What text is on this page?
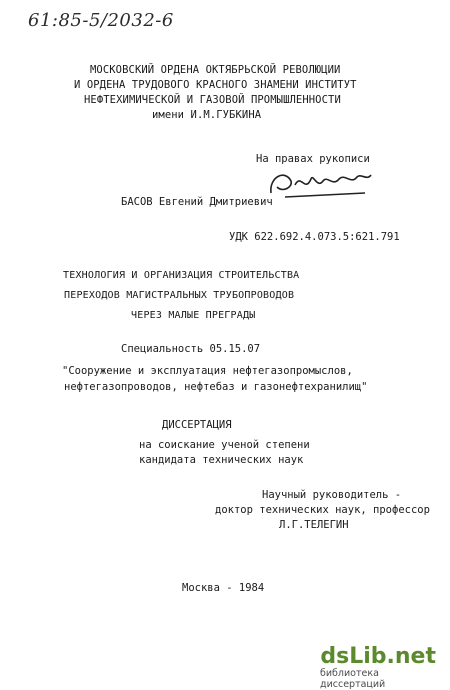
61:85-5/2032-6
МОСКОВСКИЙ ОРДЕНА ОКТЯБРЬСКОЙ РЕВОЛЮЦИИ
И ОРДЕНА ТРУДОВОГО КРАСНОГО ЗНАМЕНИ ИНСТИТУТ
НЕФТЕХИМИЧЕСКОЙ И ГАЗОВОЙ ПРОМЫШЛЕННОСТИ
имени И.М.ГУБКИНА
На правах рукописи
БАСОВ Евгений Дмитриевич
УДК 622.692.4.073.5:621.791
ТЕХНОЛОГИЯ И ОРГАНИЗАЦИЯ СТРОИТЕЛЬСТВА
ПЕРЕХОДОВ МАГИСТРАЛЬНЫХ ТРУБОПРОВОДОВ
ЧЕРЕЗ МАЛЫЕ ПРЕГРАДЫ
Специальность 05.15.07
"Сооружение и эксплуатация нефтегазопромыслов,
нефтегазопроводов, нефтебаз и газонефтехранилищ"
ДИССЕРТАЦИЯ
на соискание ученой степени
кандидата технических наук
Научный руководитель -
доктор технических наук, профессор
Л.Г.ТЕЛЕГИН
Москва - 1984
dsLib.net
библиотека диссертаций
